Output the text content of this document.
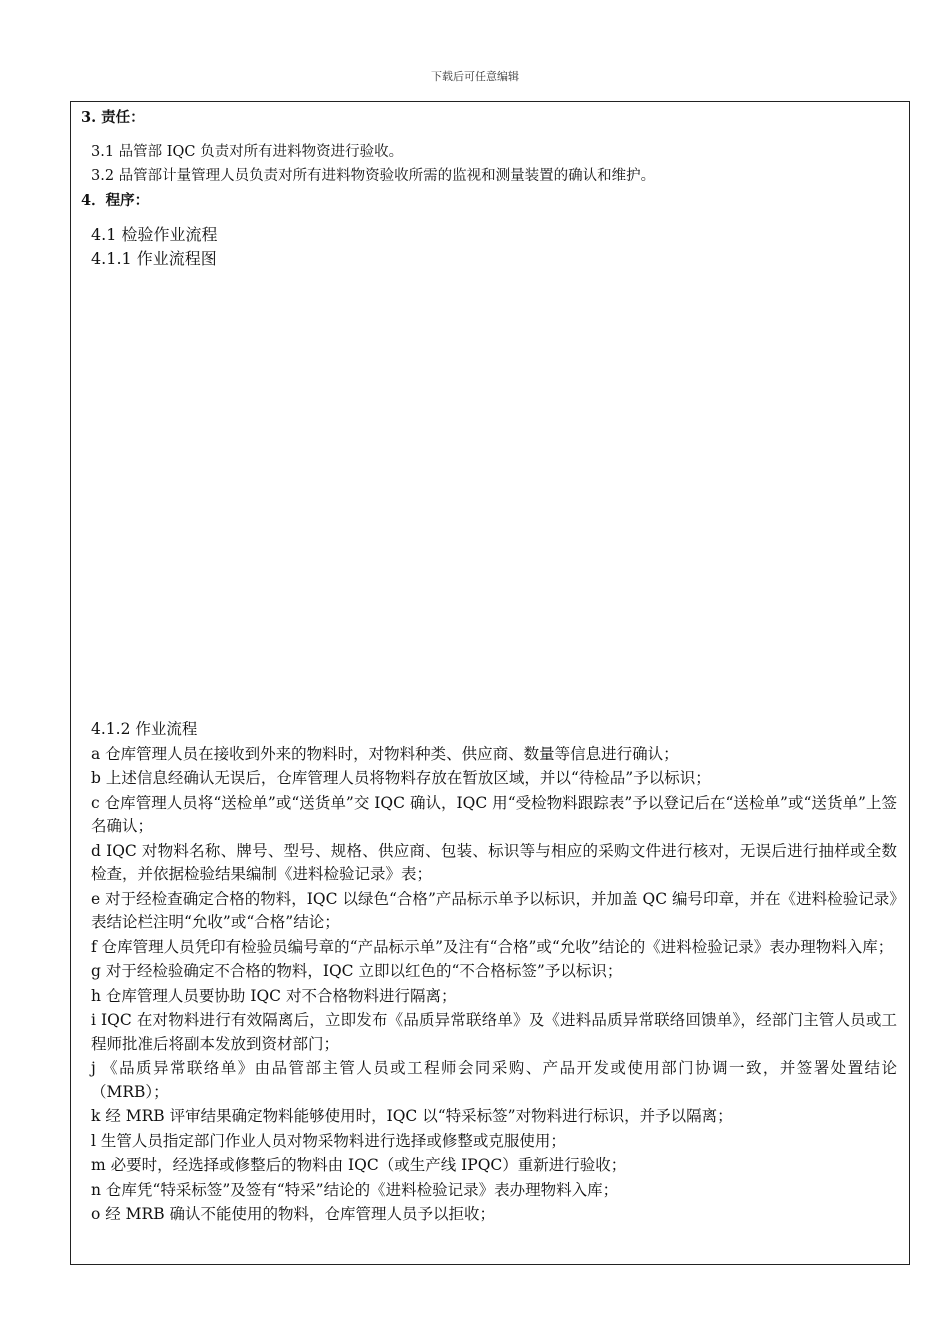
下载后可任意编辑
3. 责任：
3.1 品管部 IQC 负责对所有进料物资进行验收。
3.2 品管部计量管理人员负责对所有进料物资验收所需的监视和测量装置的确认和维护。
4．程序：
4.1 检验作业流程
4.1.1 作业流程图

4.1.2 作业流程

a 仓库管理人员在接收到外来的物料时，对物料种类、供应商、数量等信息进行确认；

b 上述信息经确认无误后，仓库管理人员将物料存放在暂放区域，并以“待检品”予以标识；

c 仓库管理人员将“送检单”或“送货单”交 IQC 确认，IQC 用“受检物料跟踪表”予以登记后在“送检单”或“送货单”上签名确认；

d IQC 对物料名称、牌号、型号、规格、供应商、包装、标识等与相应的采购文件进行核对，无误后进行抽样或全数检查，并依据检验结果编制《进料检验记录》表；

e 对于经检查确定合格的物料，IQC 以绿色“合格”产品标示单予以标识，并加盖 QC 编号印章，并在《进料检验记录》表结论栏注明“允收”或“合格”结论；

f 仓库管理人员凭印有检验员编号章的“产品标示单”及注有“合格”或“允收”结论的《进料检验记录》表办理物料入库；

g 对于经检验确定不合格的物料，IQC 立即以红色的“不合格标签”予以标识；

h 仓库管理人员要协助 IQC 对不合格物料进行隔离；

i IQC 在对物料进行有效隔离后，立即发布《品质异常联络单》及《进料品质异常联络回馈单》，经部门主管人员或工程师批准后将副本发放到资材部门；

j 《品质异常联络单》由品管部主管人员或工程师会同采购、产品开发或使用部门协调一致，并签署处置结论（MRB）；

k 经 MRB 评审结果确定物料能够使用时，IQC 以“特采标签”对物料进行标识，并予以隔离；

l 生管人员指定部门作业人员对物采物料进行选择或修整或克服使用；

m 必要时，经选择或修整后的物料由 IQC（或生产线 IPQC）重新进行验收；

n 仓库凭“特采标签”及签有“特采”结论的《进料检验记录》表办理物料入库；

o 经 MRB 确认不能使用的物料，仓库管理人员予以拒收；
